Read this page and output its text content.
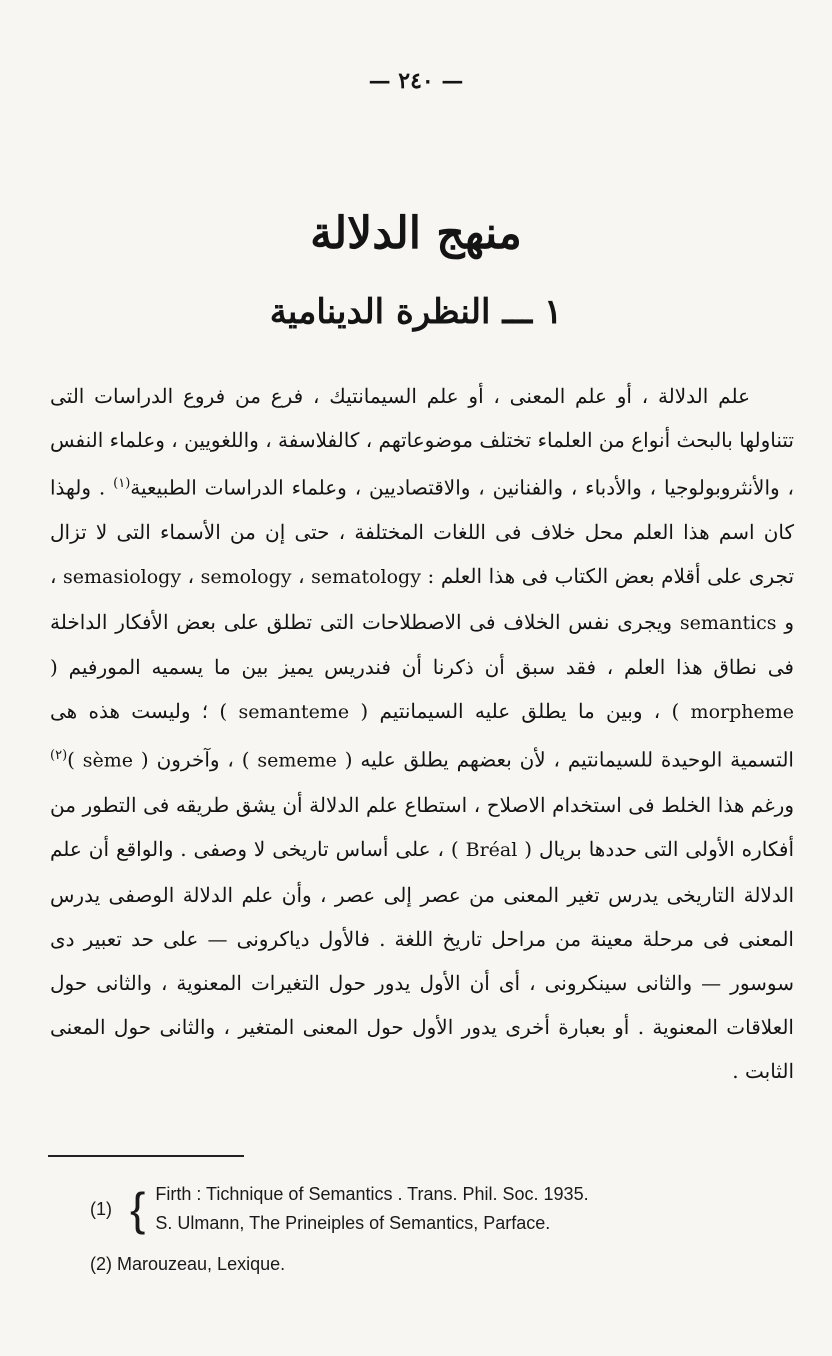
— ٢٤٠ —
منهج الدلالة
١ ـــ النظرة الدينامية

علم الدلالة ، أو علم المعنى ، أو علم السيمانتيك ، فرع من فروع الدراسات التى تتناولها بالبحث أنواع من العلماء تختلف موضوعاتهم ، كالفلاسفة ، واللغويين ، وعلماء النفس ، والأنثروبولوجيا ، والأدباء ، والفنانين ، والاقتصاديين ، وعلماء الدراسات الطبيعية$^{(١)}$ . ولهذا كان اسم هذا العلم محل خلاف فى اللغات المختلفة ، حتى إن من الأسماء التى لا تزال تجرى على أقلام بعض الكتاب فى هذا العلم : sematology ، semology ، semasiology ، و semantics ويجرى نفس الخلاف فى الاصطلاحات التى تطلق على بعض الأفكار الداخلة فى نطاق هذا العلم ، فقد سبق أن ذكرنا أن فندريس يميز بين ما يسميه المورفيم ( morpheme ) ، وبين ما يطلق عليه السيمانتيم ( semanteme ) ؛ وليست هذه هى التسمية الوحيدة للسيمانتيم ، لأن بعضهم يطلق عليه ( sememe ) ، وآخرون ( sème )$^{(٢)}$ ورغم هذا الخلط فى استخدام الاصلاح ، استطاع علم الدلالة أن يشق طريقه فى التطور من أفكاره الأولى التى حددها بريال ( Bréal ) ، على أساس تاريخى لا وصفى . والواقع أن علم الدلالة التاريخى يدرس تغير المعنى من عصر إلى عصر ، وأن علم الدلالة الوصفى يدرس المعنى فى مرحلة معينة من مراحل تاريخ اللغة . فالأول دياكرونى — على حد تعبير دى سوسور — والثانى سينكرونى ، أى أن الأول يدور حول التغيرات المعنوية ، والثانى حول العلاقات المعنوية . أو بعبارة أخرى يدور الأول حول المعنى المتغير ، والثانى حول المعنى الثابت .

(1) { Firth : Tichnique of Semantics . Trans. Phil. Soc. 1935.
S. Ulmann, The Prineiples of Semantics, Parface.
(2) Marouzeau, Lexique.
